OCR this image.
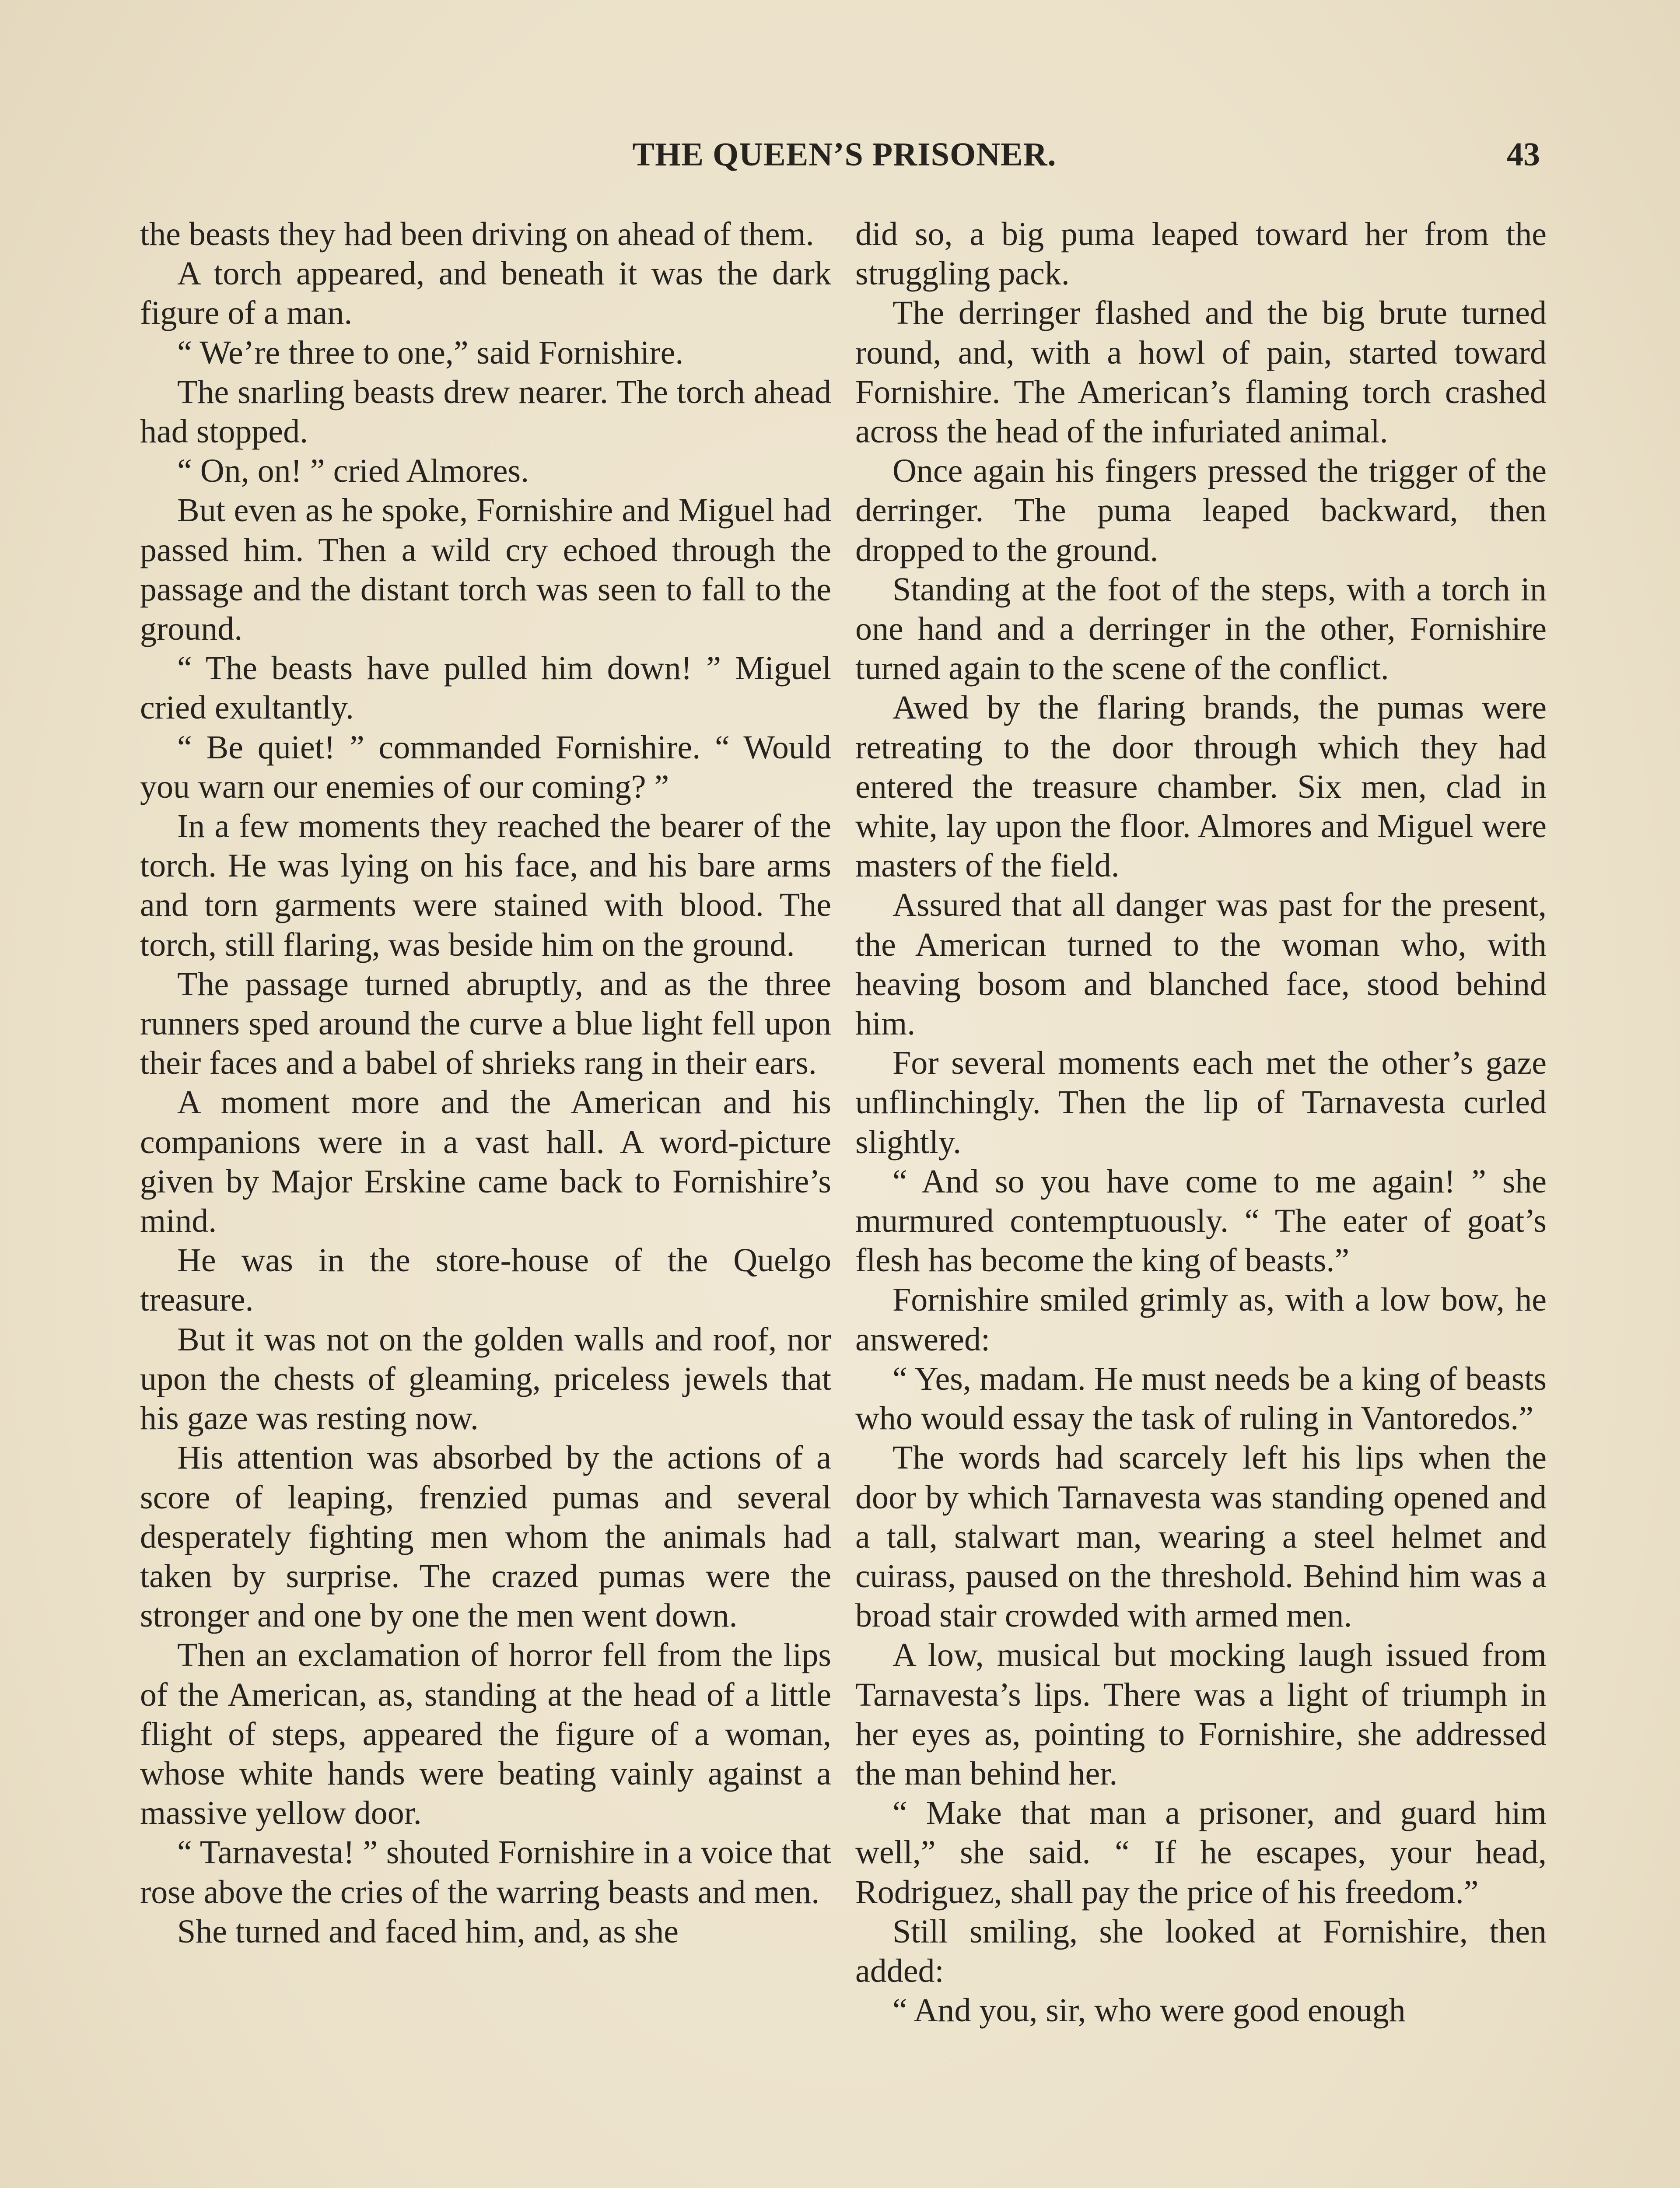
THE QUEEN’S PRISONER.	43

the beasts they had been driving on ahead of them.

A torch appeared, and beneath it was the dark figure of a man.

“ We’re three to one,” said Fornishire.

The snarling beasts drew nearer. The torch ahead had stopped.

“ On, on! ” cried Almores.

But even as he spoke, Fornishire and Miguel had passed him. Then a wild cry echoed through the passage and the distant torch was seen to fall to the ground.

“ The beasts have pulled him down! ” Miguel cried exultantly.

“ Be quiet! ” commanded Fornishire. “ Would you warn our enemies of our coming? ”

In a few moments they reached the bearer of the torch. He was lying on his face, and his bare arms and torn garments were stained with blood. The torch, still flaring, was beside him on the ground.

The passage turned abruptly, and as the three runners sped around the curve a blue light fell upon their faces and a babel of shrieks rang in their ears.

A moment more and the American and his companions were in a vast hall. A word-picture given by Major Erskine came back to Fornishire’s mind.

He was in the store-house of the Quelgo treasure.

But it was not on the golden walls and roof, nor upon the chests of gleaming, priceless jewels that his gaze was resting now.

His attention was absorbed by the actions of a score of leaping, frenzied pumas and several desperately fighting men whom the animals had taken by surprise. The crazed pumas were the stronger and one by one the men went down.

Then an exclamation of horror fell from the lips of the American, as, standing at the head of a little flight of steps, appeared the figure of a woman, whose white hands were beating vainly against a massive yellow door.

“ Tarnavesta! ” shouted Fornishire in a voice that rose above the cries of the warring beasts and men.

She turned and faced him, and, as she

did so, a big puma leaped toward her from the struggling pack.

The derringer flashed and the big brute turned round, and, with a howl of pain, started toward Fornishire. The American’s flaming torch crashed across the head of the infuriated animal.

Once again his fingers pressed the trigger of the derringer. The puma leaped backward, then dropped to the ground.

Standing at the foot of the steps, with a torch in one hand and a derringer in the other, Fornishire turned again to the scene of the conflict.

Awed by the flaring brands, the pumas were retreating to the door through which they had entered the treasure chamber. Six men, clad in white, lay upon the floor. Almores and Miguel were masters of the field.

Assured that all danger was past for the present, the American turned to the woman who, with heaving bosom and blanched face, stood behind him.

For several moments each met the other’s gaze unflinchingly. Then the lip of Tarnavesta curled slightly.

“ And so you have come to me again! ” she murmured contemptuously. “ The eater of goat’s flesh has become the king of beasts.”

Fornishire smiled grimly as, with a low bow, he answered:

“ Yes, madam. He must needs be a king of beasts who would essay the task of ruling in Vantoredos.”

The words had scarcely left his lips when the door by which Tarnavesta was standing opened and a tall, stalwart man, wearing a steel helmet and cuirass, paused on the threshold. Behind him was a broad stair crowded with armed men.

A low, musical but mocking laugh issued from Tarnavesta’s lips. There was a light of triumph in her eyes as, pointing to Fornishire, she addressed the man behind her.

“ Make that man a prisoner, and guard him well,” she said. “ If he escapes, your head, Rodriguez, shall pay the price of his freedom.”

Still smiling, she looked at Fornishire, then added:

“ And you, sir, who were good enough
